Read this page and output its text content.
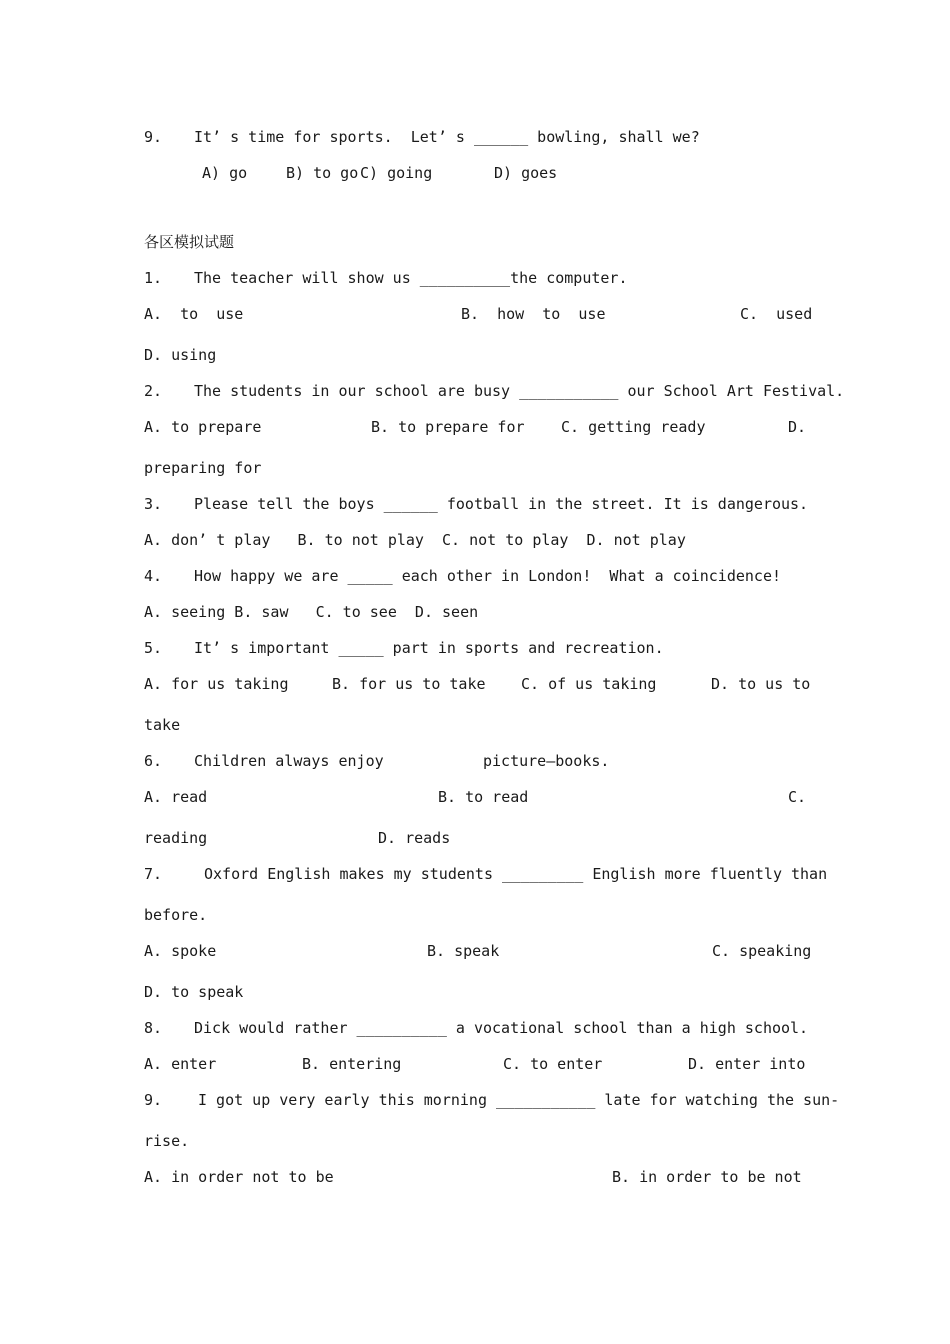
9. It’ s time for sports.  Let’ s ______ bowling, shall we?
A) go	B) to go C) going	D) goes
各区模拟试题
1. The teacher will show us __________the computer.
A.  to  use	B.  how  to  use	C.  used
D. using
2. The students in our school are busy ___________ our School Art Festival.
A. to prepare	B. to prepare for C. getting ready	D.
preparing for
3. Please tell the boys ______ football in the street. It is dangerous.
A. don’ t play   B. to not play  C. not to play  D. not play
4. How happy we are _____ each other in London!  What a coincidence!
A. seeing B. saw   C. to see  D. seen
5. It’ s important _____ part in sports and recreation.
A. for us taking	B. for us to take C. of us taking	D. to us to
take
6. Children always enjoy           picture—books.
A. read	B. to read	C.
reading	D. reads
7.	Oxford English makes my students _________ English more fluently than
before.
A. spoke	B. speak	C. speaking
D. to speak
8. Dick would rather __________ a vocational school than a high school.
A. enter	B. entering	C. to enter	D. enter into
9. I got up very early this morning ___________ late for watching the sun-
rise.
A. in order not to be	B. in order to be not
